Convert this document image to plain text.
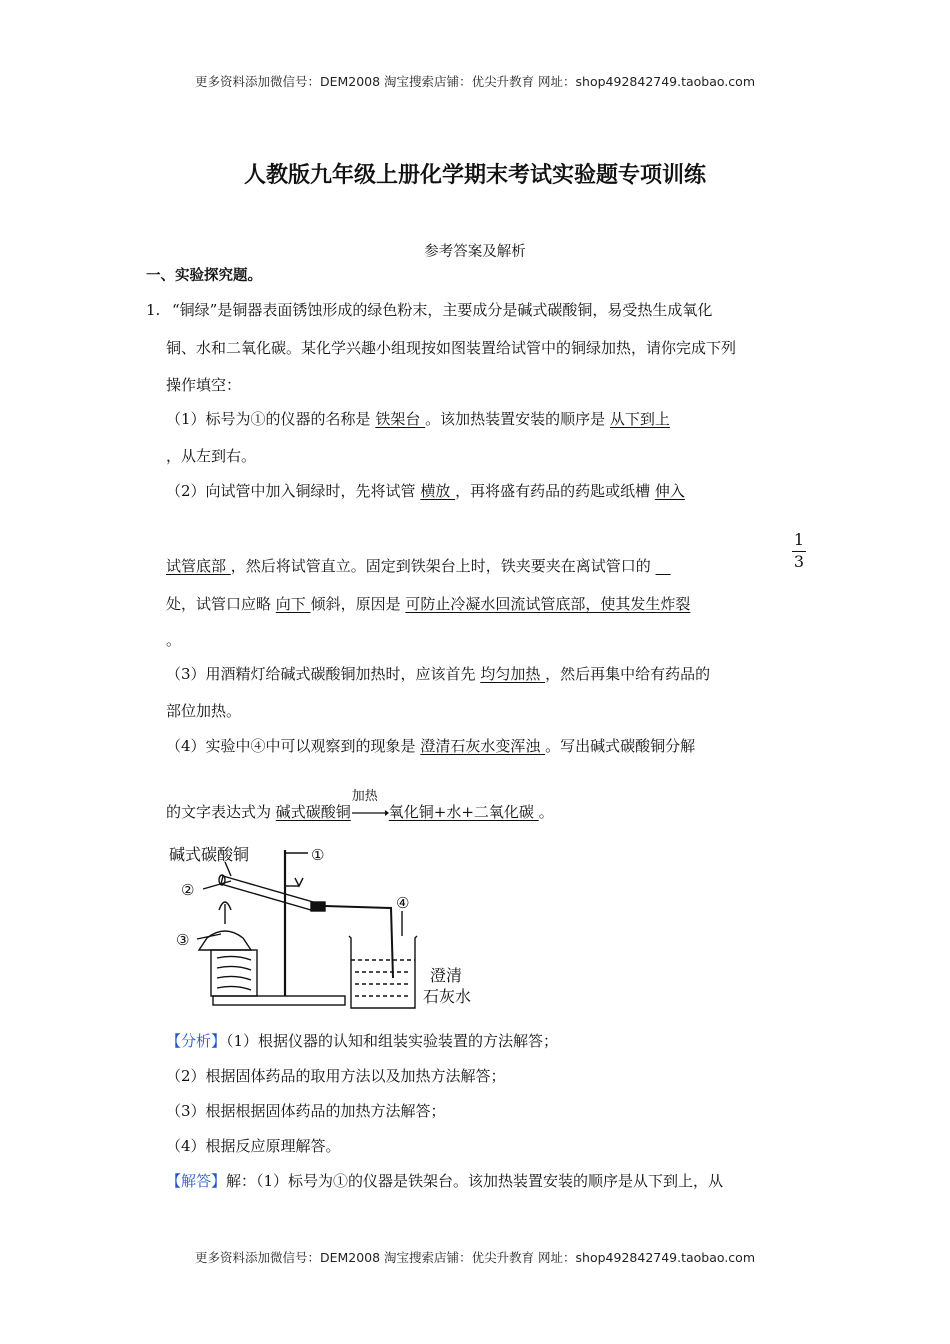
更多资料添加微信号：DEM2008 淘宝搜索店铺：优尖升教育 网址：shop492842749.taobao.com
人教版九年级上册化学期末考试实验题专项训练
参考答案及解析
一、实验探究题。
1. “铜绿”是铜器表面锈蚀形成的绿色粉末，主要成分是碱式碳酸铜，易受热生成氧化
铜、水和二氧化碳。某化学兴趣小组现按如图装置给试管中的铜绿加热，请你完成下列
操作填空：
（1）标号为①的仪器的名称是 铁架台 。该加热装置安装的顺序是 从下到上
，从左到右。
（2）向试管中加入铜绿时，先将试管 横放 ，再将盛有药品的药匙或纸槽 伸入
试管底部 ，然后将试管直立。固定到铁架台上时，铁夹要夹在离试管口的   
1
3
处，试管口应略 向下 倾斜，原因是 可防止冷凝水回流试管底部，使其发生炸裂
。
（3）用酒精灯给碱式碳酸铜加热时，应该首先 均匀加热 ，然后再集中给有药品的
部位加热。
（4）实验中④中可以观察到的现象是 澄清石灰水变浑浊 。写出碱式碳酸铜分解
的文字表达式为 碱式碳酸铜
加热
氧化铜+水+二氧化碳 。
碱式碳酸铜	①
②
③
④
澄清
石灰水
【分析】（1）根据仪器的认知和组装实验装置的方法解答；
（2）根据固体药品的取用方法以及加热方法解答；
（3）根据根据固体药品的加热方法解答；
（4）根据反应原理解答。
【解答】解：（1）标号为①的仪器是铁架台。该加热装置安装的顺序是从下到上，从
更多资料添加微信号：DEM2008 淘宝搜索店铺：优尖升教育 网址：shop492842749.taobao.com
